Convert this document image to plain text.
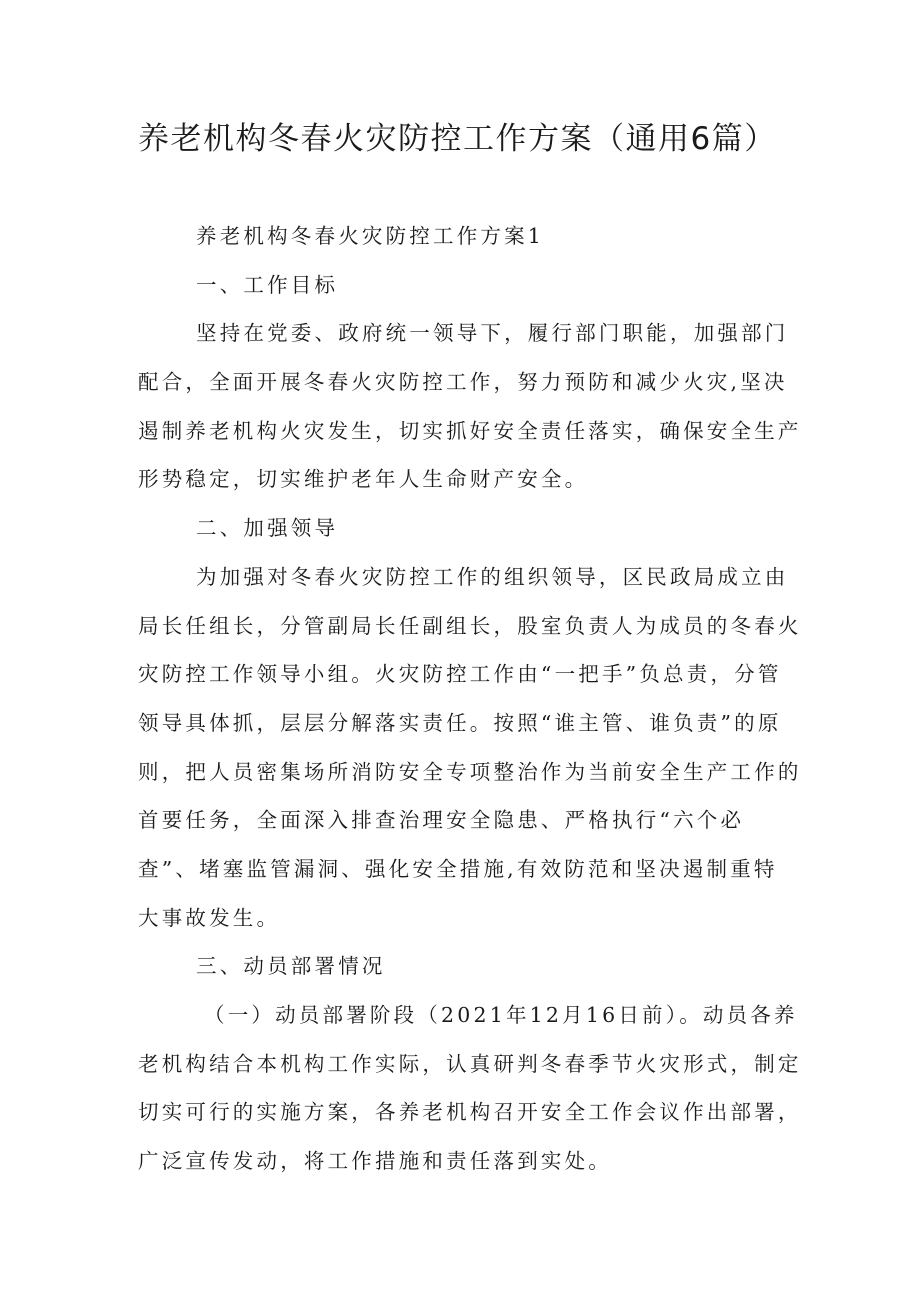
养老机构冬春火灾防控工作方案（通用6篇）

养老机构冬春火灾防控工作方案1

一、工作目标

坚持在党委、政府统一领导下，履行部门职能，加强部门

配合，全面开展冬春火灾防控工作，努力预防和减少火灾,坚决

遏制养老机构火灾发生，切实抓好安全责任落实，确保安全生产

形势稳定，切实维护老年人生命财产安全。

二、加强领导

为加强对冬春火灾防控工作的组织领导，区民政局成立由

局长任组长，分管副局长任副组长，股室负责人为成员的冬春火

灾防控工作领导小组。火灾防控工作由“一把手”负总责，分管

领导具体抓，层层分解落实责任。按照“谁主管、谁负责”的原

则，把人员密集场所消防安全专项整治作为当前安全生产工作的

首要任务，全面深入排查治理安全隐患、严格执行“六个必

查”、堵塞监管漏洞、强化安全措施,有效防范和坚决遏制重特

大事故发生。

三、动员部署情况

（一）动员部署阶段（2021年12月16日前）。动员各养

老机构结合本机构工作实际，认真研判冬春季节火灾形式，制定

切实可行的实施方案，各养老机构召开安全工作会议作出部署，

广泛宣传发动，将工作措施和责任落到实处。
